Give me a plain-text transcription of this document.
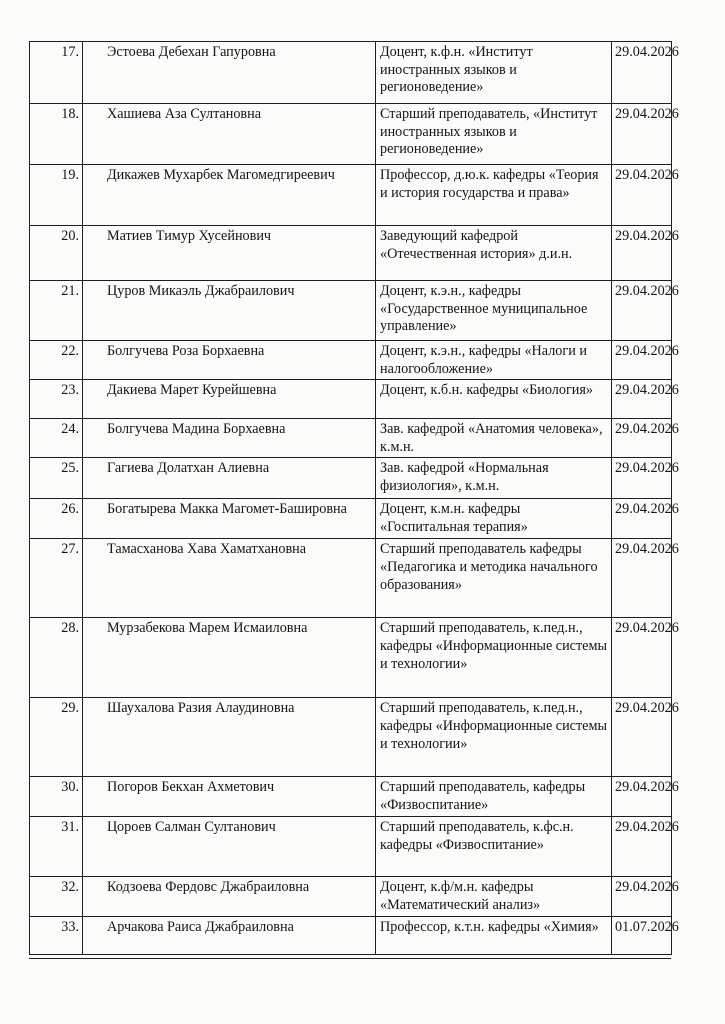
17.	Эстоева Дебехан Гапуровна	Доцент, к.ф.н. «Институт иностранных языков и регионоведение»	29.04.2026
18.	Хашиева Аза Султановна	Старший преподаватель, «Институт иностранных языков и регионоведение»	29.04.2026
19.	Дикажев Мухарбек Магомедгиреевич	Профессор, д.ю.к. кафедры «Теория и история государства и права»	29.04.2026
20.	Матиев Тимур Хусейнович	Заведующий кафедрой «Отечественная история» д.и.н.	29.04.2026
21.	Цуров Микаэль Джабраилович	Доцент, к.э.н., кафедры «Государственное муниципальное управление»	29.04.2026
22.	Болгучева Роза Борхаевна	Доцент, к.э.н., кафедры «Налоги и налогообложение»	29.04.2026
23.	Дакиева Марет Курейшевна	Доцент, к.б.н. кафедры «Биология»	29.04.2026
24.	Болгучева Мадина Борхаевна	Зав. кафедрой «Анатомия человека», к.м.н.	29.04.2026
25.	Гагиева Долатхан Алиевна	Зав. кафедрой «Нормальная физиология», к.м.н.	29.04.2026
26.	Богатырева Макка Магомет-Башировна	Доцент, к.м.н. кафедры «Госпитальная терапия»	29.04.2026
27.	Тамасханова Хава Хаматхановна	Старший преподаватель кафедры «Педагогика и методика начального образования»	29.04.2026
28.	Мурзабекова Марем Исмаиловна	Старший преподаватель, к.пед.н., кафедры «Информационные системы и технологии»	29.04.2026
29.	Шаухалова Разия Алаудиновна	Старший преподаватель, к.пед.н., кафедры «Информационные системы и технологии»	29.04.2026
30.	Погоров Бекхан Ахметович	Старший преподаватель, кафедры «Физвоспитание»	29.04.2026
31.	Цороев Салман Султанович	Старший преподаватель, к.фс.н. кафедры «Физвоспитание»	29.04.2026
32.	Кодзоева Фердовс Джабраиловна	Доцент, к.ф/м.н. кафедры «Математический анализ»	29.04.2026
33.	Арчакова Раиса Джабраиловна	Профессор, к.т.н. кафедры «Химия»	01.07.2026
